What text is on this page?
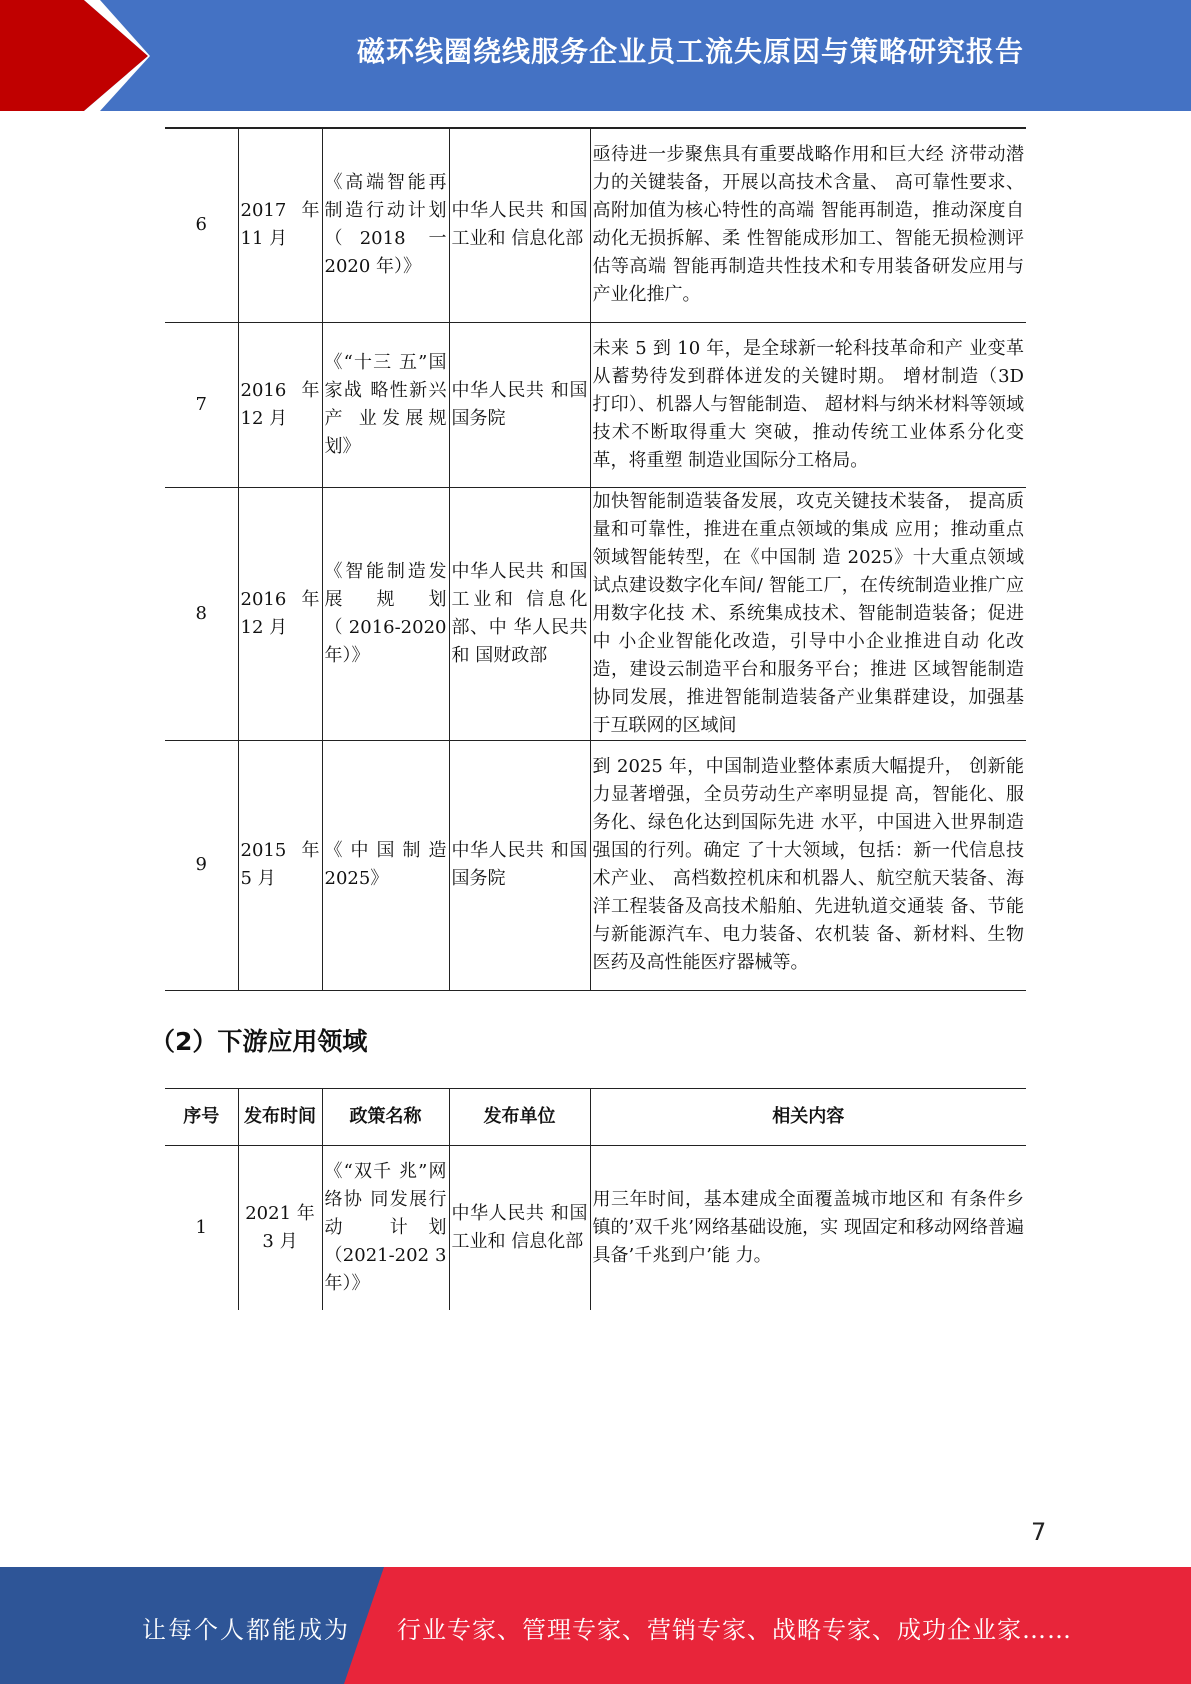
磁环线圈绕线服务企业员工流失原因与策略研究报告
6	2017 年 11 月	《高端智能再制造行动计划（2018 一 2020 年）》	中华人民共 和国工业和 信息化部	亟待进一步聚焦具有重要战略作用和巨大经 济带动潜力的关键装备，开展以高技术含量、 高可靠性要求、高附加值为核心特性的高端 智能再制造，推动深度自动化无损拆解、柔 性智能成形加工、智能无损检测评估等高端 智能再制造共性技术和专用装备研发应用与 产业化推广。
7	2016 年 12 月	《“十三 五”国家战 略性新兴产 业发展规 划》	中华人民共 和国国务院	未来 5 到 10 年，是全球新一轮科技革命和产 业变革从蓄势待发到群体迸发的关键时期。 增材制造（3D 打印）、机器人与智能制造、 超材料与纳米材料等领域技术不断取得重大 突破，推动传统工业体系分化变革，将重塑 制造业国际分工格局。
8	2016 年 12 月	《智能制造发展规划（2016-2020 年）》	中华人民共 和国工业和 信息化部、中 华人民共和 国财政部	加快智能制造装备发展，攻克关键技术装备， 提高质量和可靠性，推进在重点领域的集成 应用；推动重点领域智能转型，在《中国制 造 2025》十大重点领域试点建设数字化车间/ 智能工厂，在传统制造业推广应用数字化技 术、系统集成技术、智能制造装备；促进中 小企业智能化改造，引导中小企业推进自动 化改造，建设云制造平台和服务平台；推进 区域智能制造协同发展，推进智能制造装备产业集群建设，加强基于互联网的区域间
9	2015 年 5 月	《中国制造 2025》	中华人民共 和国国务院	到 2025 年，中国制造业整体素质大幅提升， 创新能力显著增强，全员劳动生产率明显提 高，智能化、服务化、绿色化达到国际先进 水平，中国进入世界制造强国的行列。确定 了十大领域，包括：新一代信息技术产业、 高档数控机床和机器人、航空航天装备、海 洋工程装备及高技术船舶、先进轨道交通装 备、节能与新能源汽车、电力装备、农机装 备、新材料、生物医药及高性能医疗器械等。
（2）下游应用领域
序号	发布时间	政策名称	发布单位	相关内容
1	2021 年 3 月	《“双千 兆”网络协 同发展行动 计划（2021-202 3 年）》	中华人民共 和国工业和 信息化部	用三年时间，基本建成全面覆盖城市地区和 有条件乡镇的’双千兆’网络基础设施，实 现固定和移动网络普遍具备’千兆到户’能 力。
7
让每个人都能成为 行业专家、管理专家、营销专家、战略专家、成功企业家……
